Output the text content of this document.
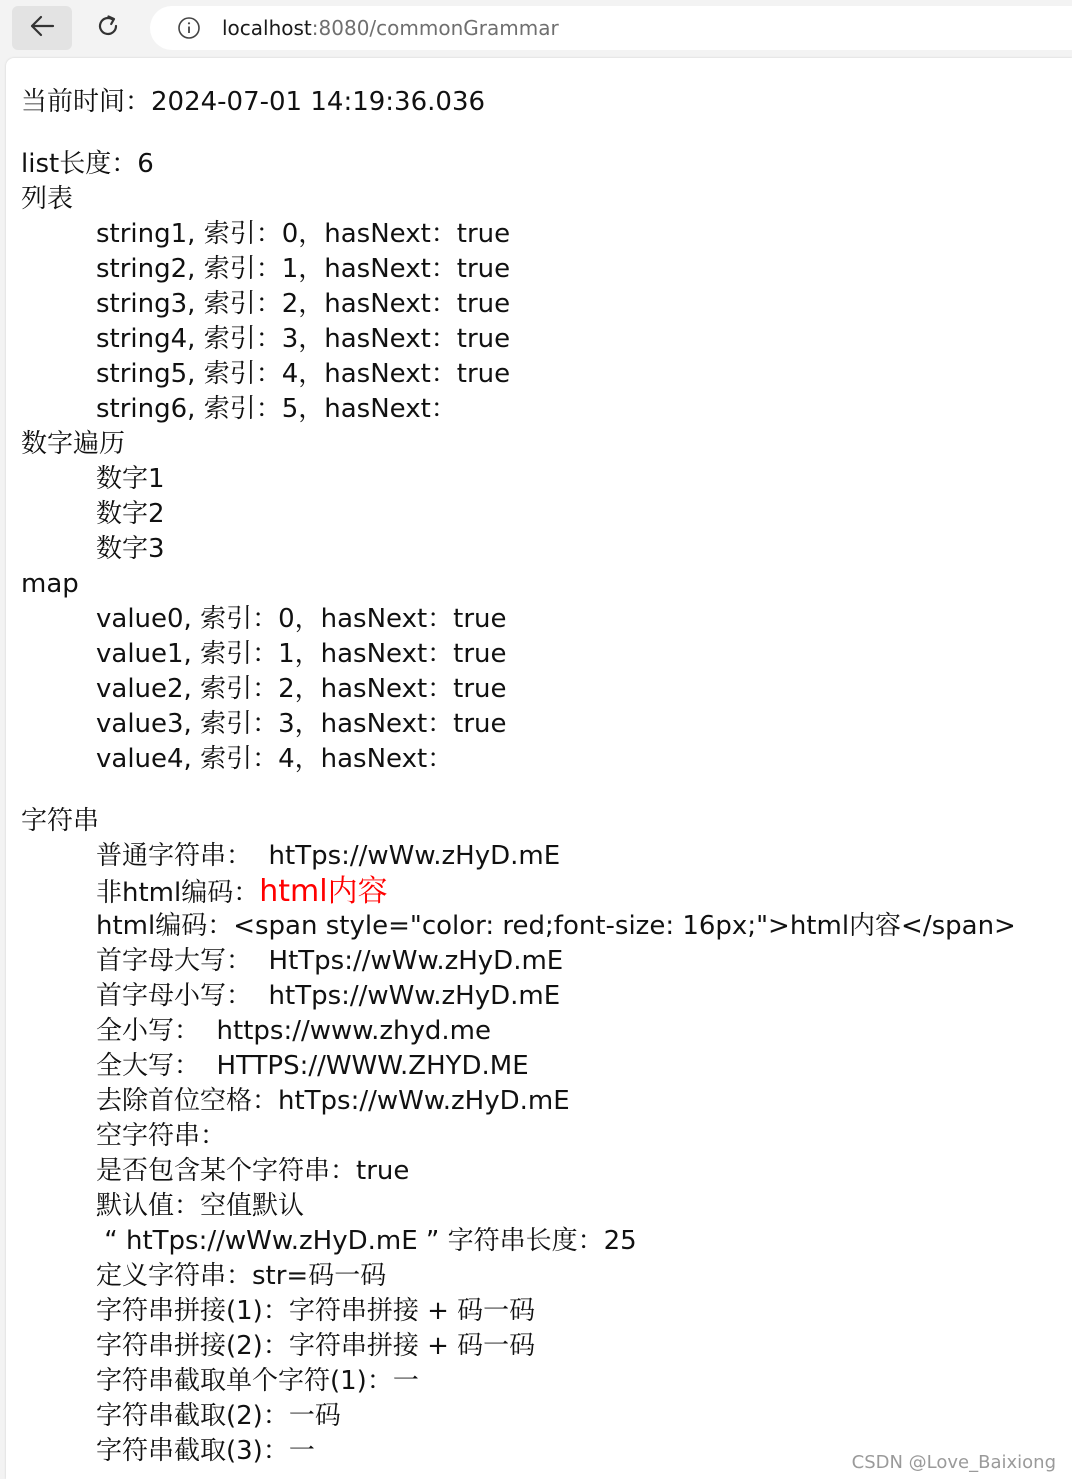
localhost:8080/commonGrammar
当前时间：2024-07-01 14:19:36.036
list长度：6
列表
string1, 索引：0，hasNext：true
string2, 索引：1，hasNext：true
string3, 索引：2，hasNext：true
string4, 索引：3，hasNext：true
string5, 索引：4，hasNext：true
string6, 索引：5，hasNext：
数字遍历
数字1
数字2
数字3
map
value0, 索引：0，hasNext：true
value1, 索引：1，hasNext：true
value2, 索引：2，hasNext：true
value3, 索引：3，hasNext：true
value4, 索引：4，hasNext：
字符串
普通字符串：  htTps://wWw.zHyD.mE
非html编码：html内容
html编码：<span style="color: red;font-size: 16px;">html内容</span>
首字母大写：  HtTps://wWw.zHyD.mE
首字母小写：  htTps://wWw.zHyD.mE
全小写：  https://www.zhyd.me
全大写：  HTTPS://WWW.ZHYD.ME
去除首位空格：htTps://wWw.zHyD.mE
空字符串：
是否包含某个字符串：true
默认值：空值默认
“ htTps://wWw.zHyD.mE ” 字符串长度：25
定义字符串：str=码一码
字符串拼接(1)：字符串拼接 + 码一码
字符串拼接(2)：字符串拼接 + 码一码
字符串截取单个字符(1)：一
字符串截取(2)：一码
字符串截取(3)：一	CSDN @Love_Baixiong
